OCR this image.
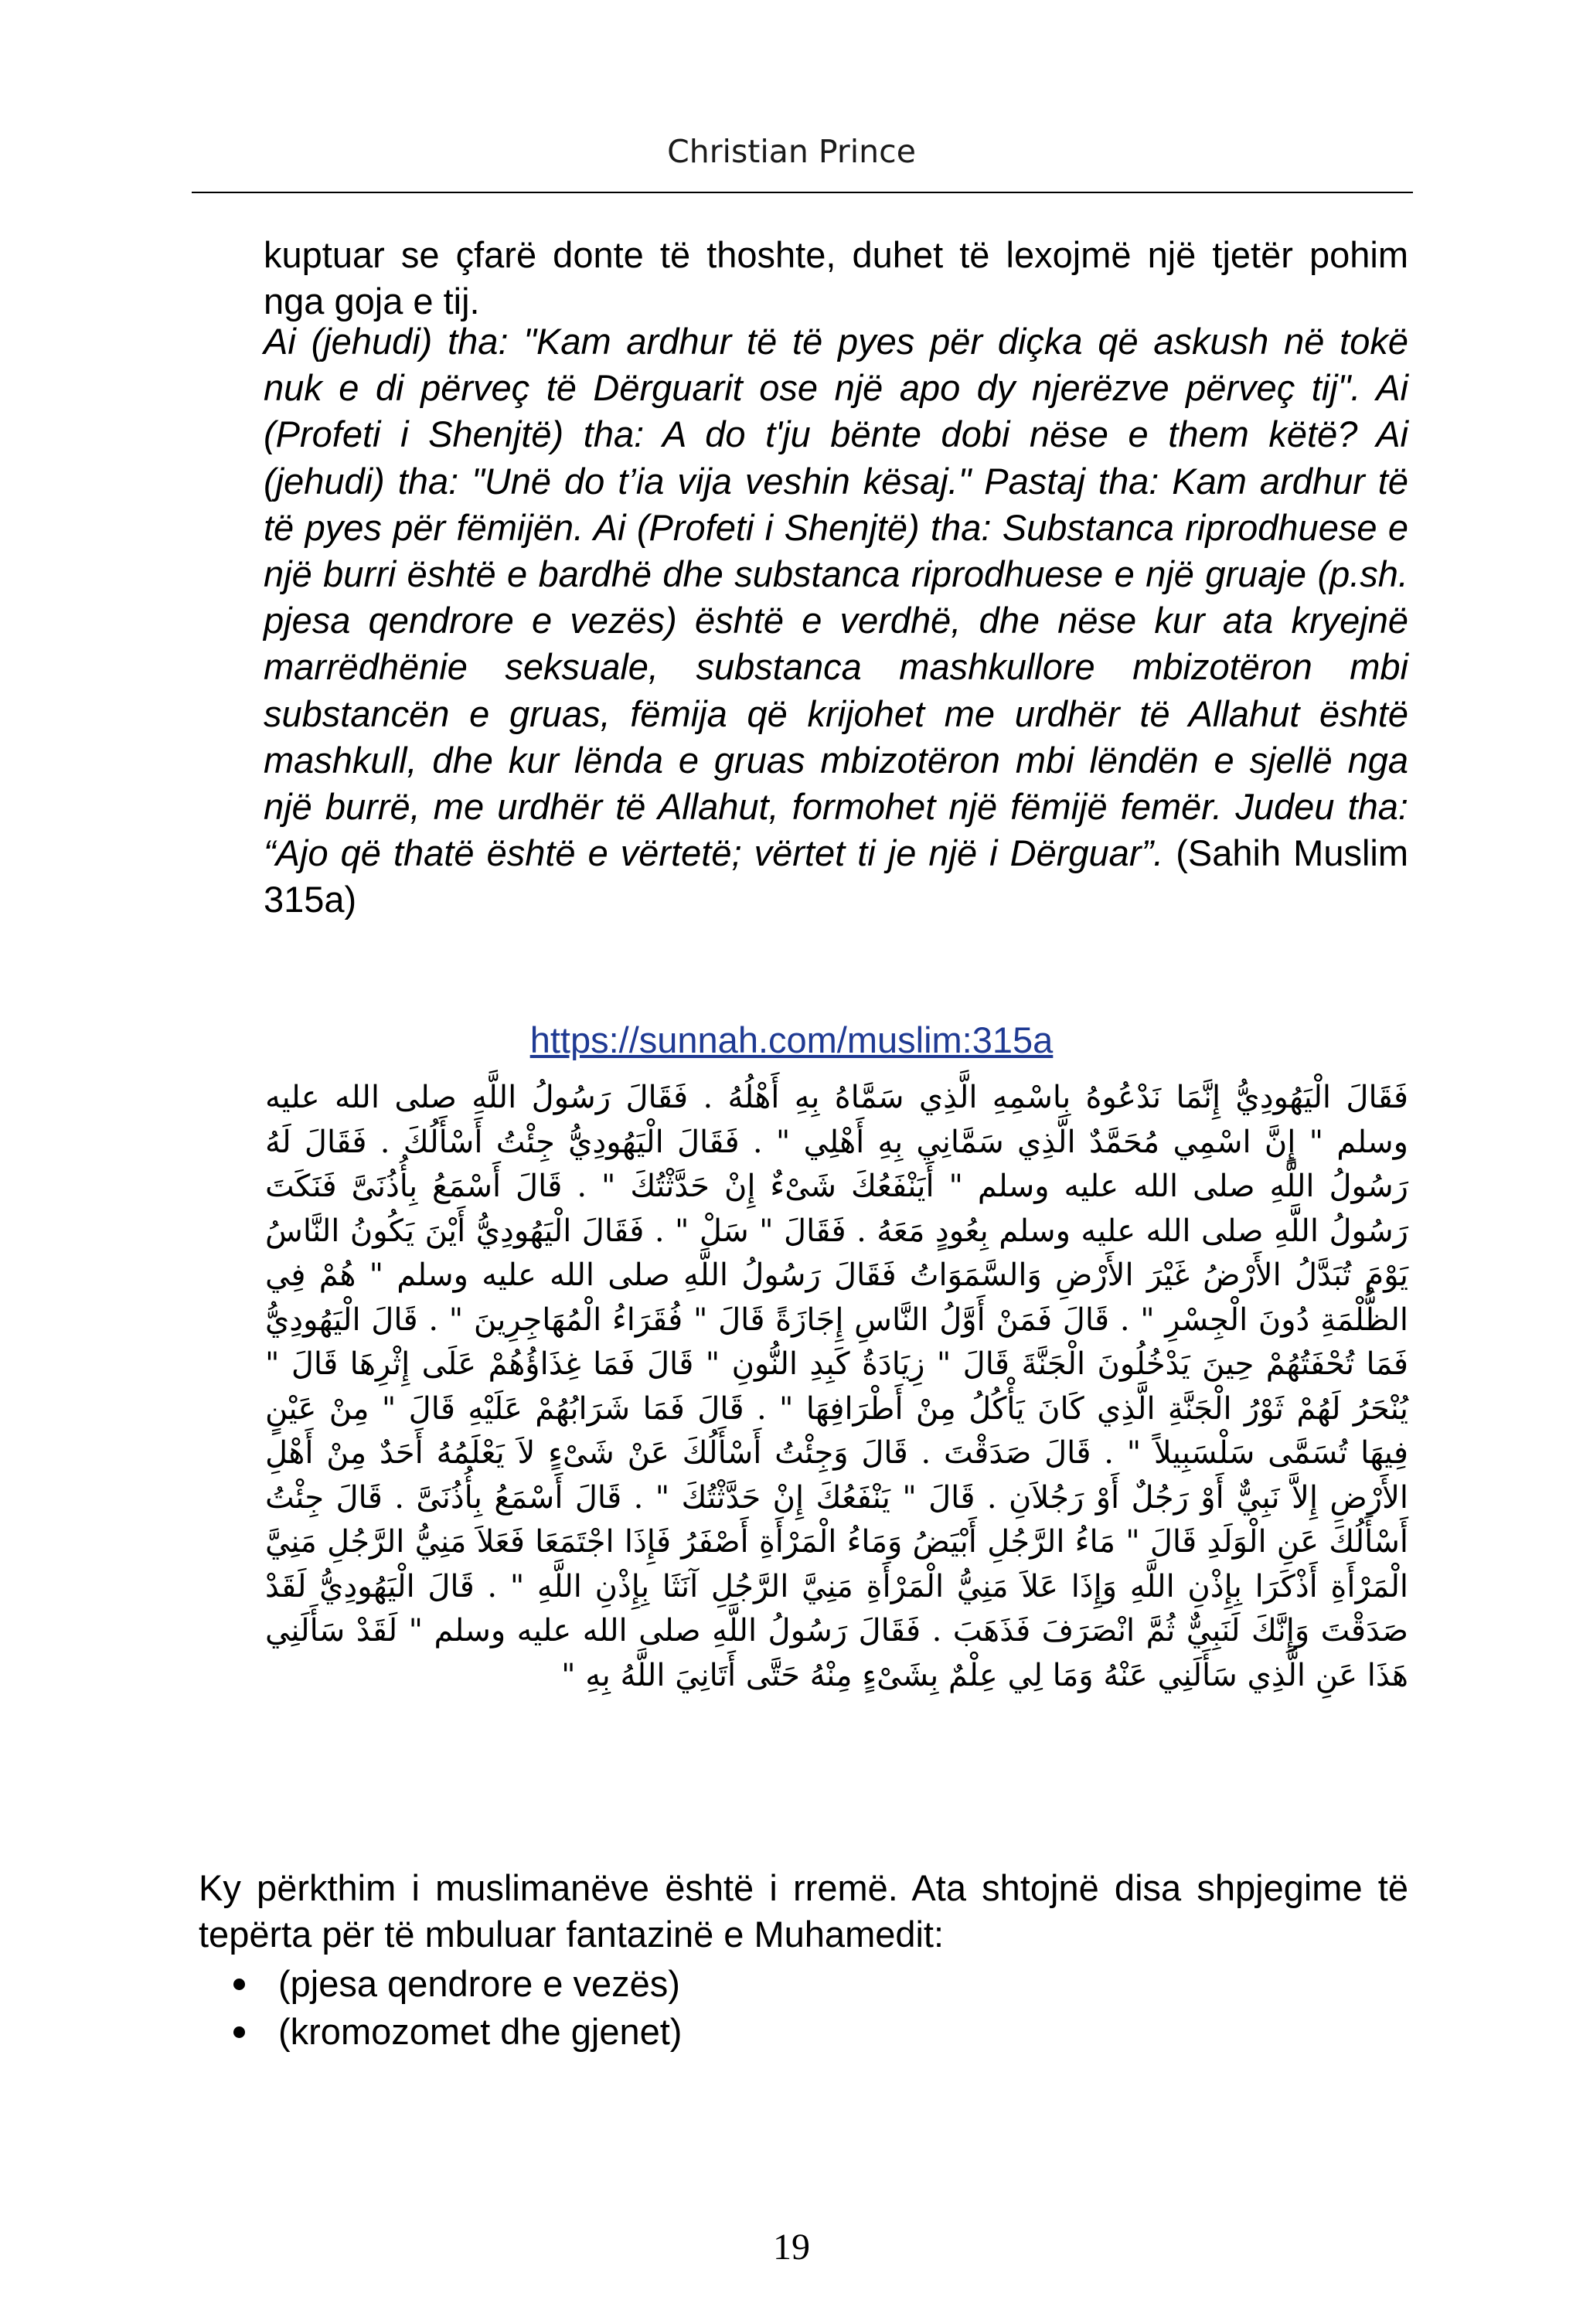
Christian Prince
kuptuar se çfarë donte të thoshte, duhet të lexojmë një tjetër pohim nga goja e tij.
Ai (jehudi) tha: "Kam ardhur të të pyes për diçka që askush në tokë nuk e di përveç të Dërguarit ose një apo dy njerëzve përveç tij". Ai (Profeti i Shenjtë) tha: A do t'ju bënte dobi nëse e them këtë? Ai (jehudi) tha: "Unë do t’ia vija veshin kësaj." Pastaj tha: Kam ardhur të të pyes për fëmijën. Ai (Profeti i Shenjtë) tha: Substanca riprodhuese e një burri është e bardhë dhe substanca riprodhuese e një gruaje (p.sh. pjesa qendrore e vezës) është e verdhë, dhe nëse kur ata kryejnë marrëdhënie seksuale, substanca mashkullore mbizotëron mbi substancën e gruas, fëmija që krijohet me urdhër të Allahut është mashkull, dhe kur lënda e gruas mbizotëron mbi lëndën e sjellë nga një burrë, me urdhër të Allahut, formohet një fëmijë femër. Judeu tha: “Ajo që thatë është e vërtetë; vërtet ti je një i Dërguar”. (Sahih Muslim 315a)
https://sunnah.com/muslim:315a
فَقَالَ الْيَهُودِيُّ إِنَّمَا نَدْعُوهُ بِاسْمِهِ الَّذِي سَمَّاهُ بِهِ أَهْلُهُ . فَقَالَ رَسُولُ اللَّهِ صلى الله عليه وسلم " إِنَّ اسْمِي مُحَمَّدٌ الَّذِي سَمَّانِي بِهِ أَهْلِي " . فَقَالَ الْيَهُودِيُّ جِئْتُ أَسْأَلُكَ . فَقَالَ لَهُ رَسُولُ اللَّهِ صلى الله عليه وسلم " أَيَنْفَعُكَ شَىْءٌ إِنْ حَدَّثْتُكَ " . قَالَ أَسْمَعُ بِأُذُنَىَّ فَنَكَتَ رَسُولُ اللَّهِ صلى الله عليه وسلم بِعُودٍ مَعَهُ . فَقَالَ " سَلْ " . فَقَالَ الْيَهُودِيُّ أَيْنَ يَكُونُ النَّاسُ يَوْمَ تُبَدَّلُ الأَرْضُ غَيْرَ الأَرْضِ وَالسَّمَوَاتُ فَقَالَ رَسُولُ اللَّهِ صلى الله عليه وسلم " هُمْ فِي الظُّلْمَةِ دُونَ الْجِسْرِ " . قَالَ فَمَنْ أَوَّلُ النَّاسِ إِجَازَةً قَالَ " فُقَرَاءُ الْمُهَاجِرِينَ " . قَالَ الْيَهُودِيُّ فَمَا تُحْفَتُهُمْ حِينَ يَدْخُلُونَ الْجَنَّةَ قَالَ " زِيَادَةُ كَبِدِ النُّونِ " قَالَ فَمَا غِذَاؤُهُمْ عَلَى إِثْرِهَا قَالَ " يُنْحَرُ لَهُمْ ثَوْرُ الْجَنَّةِ الَّذِي كَانَ يَأْكُلُ مِنْ أَطْرَافِهَا " . قَالَ فَمَا شَرَابُهُمْ عَلَيْهِ قَالَ " مِنْ عَيْنٍ فِيهَا تُسَمَّى سَلْسَبِيلاً " . قَالَ صَدَقْتَ . قَالَ وَجِئْتُ أَسْأَلُكَ عَنْ شَىْءٍ لاَ يَعْلَمُهُ أَحَدٌ مِنْ أَهْلِ الأَرْضِ إِلاَّ نَبِيٌّ أَوْ رَجُلٌ أَوْ رَجُلاَنِ . قَالَ " يَنْفَعُكَ إِنْ حَدَّثْتُكَ " . قَالَ أَسْمَعُ بِأُذُنَىَّ . قَالَ جِئْتُ أَسْأَلُكَ عَنِ الْوَلَدِ قَالَ " مَاءُ الرَّجُلِ أَبْيَضُ وَمَاءُ الْمَرْأَةِ أَصْفَرُ فَإِذَا اجْتَمَعَا فَعَلاَ مَنِيُّ الرَّجُلِ مَنِيَّ الْمَرْأَةِ أَذْكَرَا بِإِذْنِ اللَّهِ وَإِذَا عَلاَ مَنِيُّ الْمَرْأَةِ مَنِيَّ الرَّجُلِ آنَثَا بِإِذْنِ اللَّهِ " . قَالَ الْيَهُودِيُّ لَقَدْ صَدَقْتَ وَإِنَّكَ لَنَبِيٌّ ثُمَّ انْصَرَفَ فَذَهَبَ . فَقَالَ رَسُولُ اللَّهِ صلى الله عليه وسلم " لَقَدْ سَأَلَنِي هَذَا عَنِ الَّذِي سَأَلَنِي عَنْهُ وَمَا لِي عِلْمٌ بِشَىْءٍ مِنْهُ حَتَّى أَتَانِيَ اللَّهُ بِهِ "
Ky përkthim i muslimanëve është i rremë. Ata shtojnë disa shpjegime të tepërta për të mbuluar fantazinë e Muhamedit:
(pjesa qendrore e vezës)
(kromozomet dhe gjenet)
19
